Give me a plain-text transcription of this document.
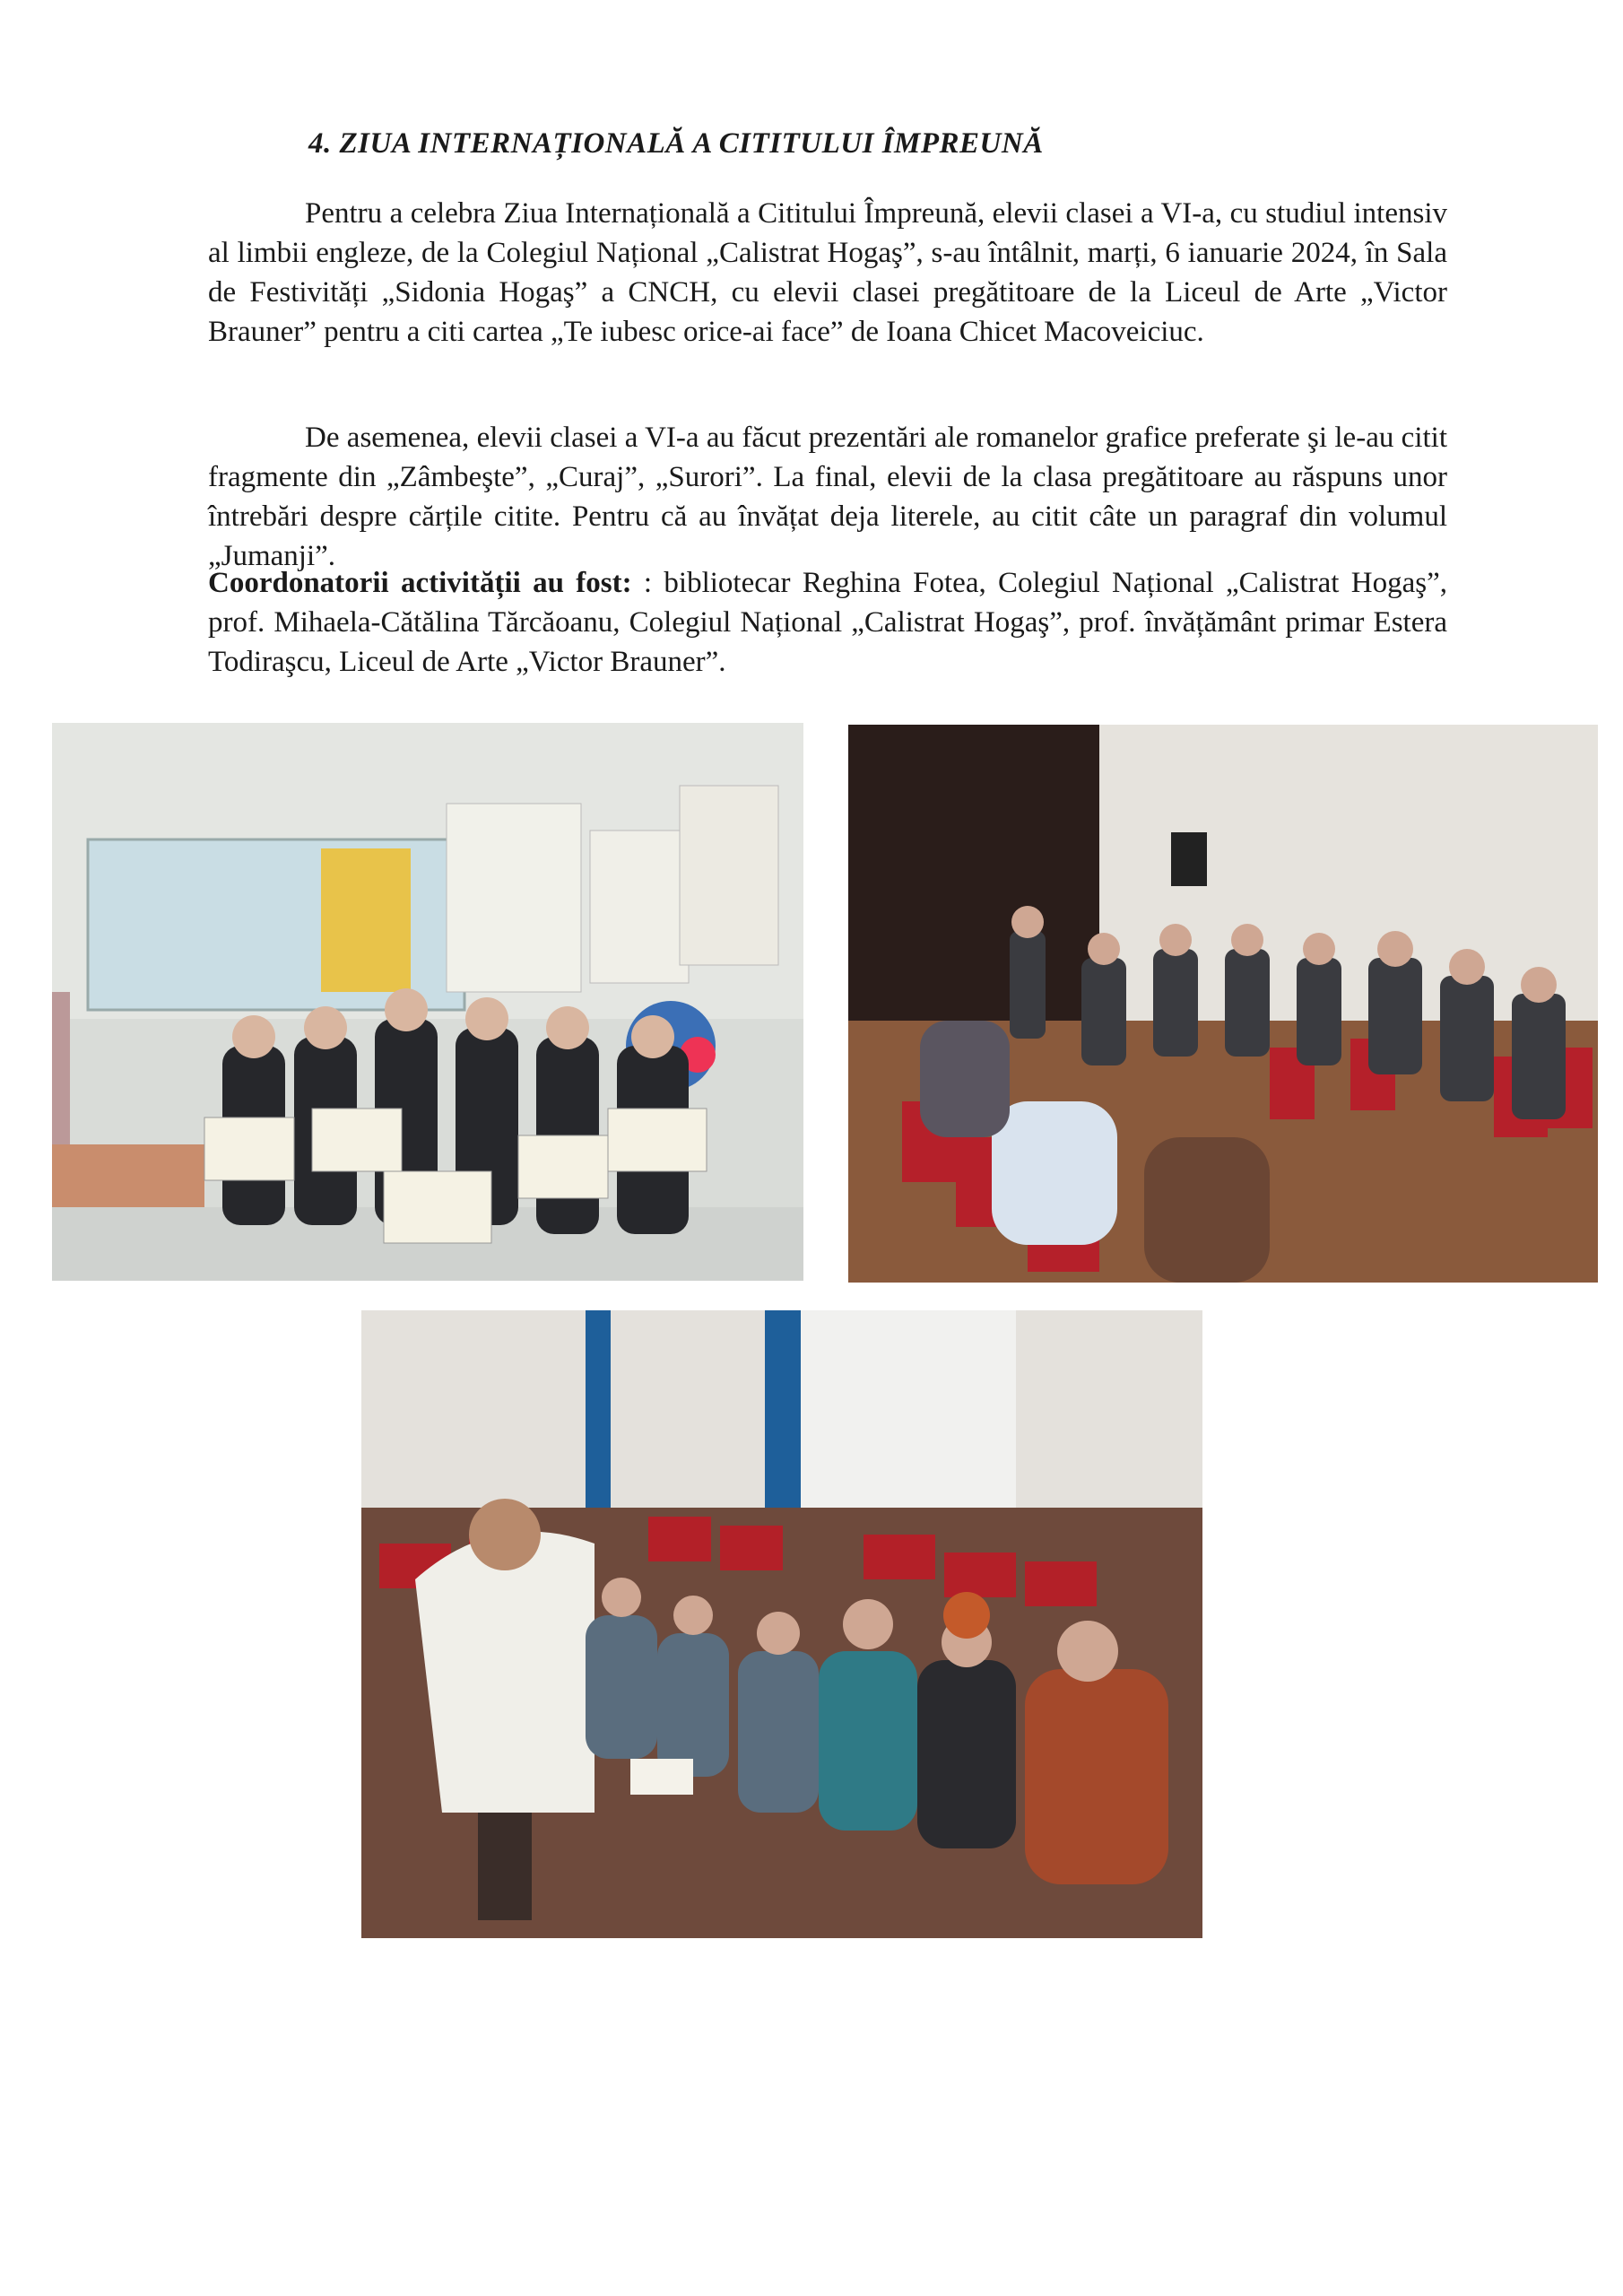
4. ZIUA INTERNAȚIONALĂ A CITITULUI ÎMPREUNĂ

Pentru a celebra Ziua Internațională a Cititului Împreună, elevii clasei a VI-a, cu studiul intensiv al limbii engleze, de la Colegiul Național „Calistrat Hogaş”, s-au întâlnit, marți, 6 ianuarie 2024, în Sala de Festivități „Sidonia Hogaş” a CNCH, cu elevii clasei pregătitoare de la Liceul de Arte „Victor Brauner” pentru a citi cartea „Te iubesc orice-ai face” de Ioana Chicet Macoveiciuc.

De asemenea, elevii clasei a VI-a au făcut prezentări ale romanelor grafice preferate şi le-au citit fragmente din „Zâmbeşte”, „Curaj”, „Surori”. La final, elevii de la clasa pregătitoare au răspuns unor întrebări despre cărțile citite. Pentru că au învățat deja literele, au citit câte un paragraf din volumul „Jumanji”.

Coordonatorii activității au fost: : bibliotecar Reghina Fotea, Colegiul Național „Calistrat Hogaş”, prof. Mihaela-Cătălina Tărcăoanu, Colegiul Național „Calistrat Hogaş”, prof. învățământ primar Estera Todiraşcu, Liceul de Arte „Victor Brauner”.
